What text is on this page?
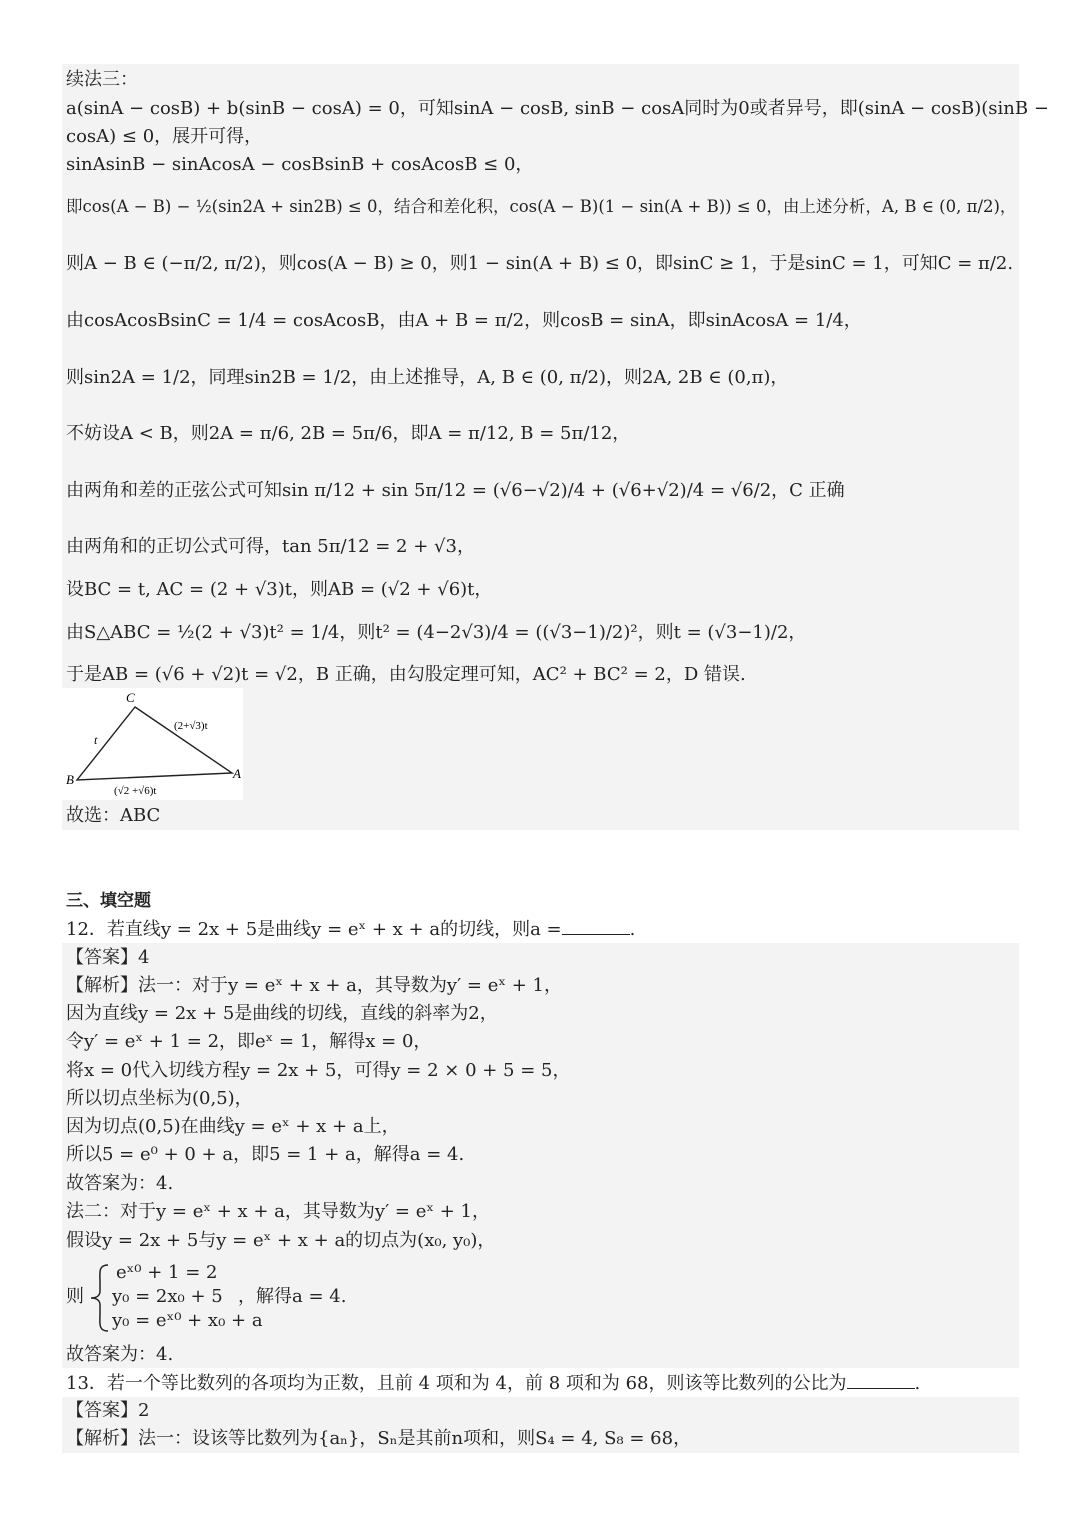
续法三：
a(sinA − cosB) + b(sinB − cosA) = 0，可知sinA − cosB, sinB − cosA同时为0或者异号，即(sinA − cosB)(sinB −
cosA) ≤ 0，展开可得，
sinAsinB − sinAcosA − cosBsinB + cosAcosB ≤ 0，
即cos(A − B) − ½(sin2A + sin2B) ≤ 0，结合和差化积，cos(A − B)(1 − sin(A + B)) ≤ 0，由上述分析，A, B ∈ (0, π/2)，
则A − B ∈ (−π/2, π/2)，则cos(A − B) ≥ 0，则1 − sin(A + B) ≤ 0，即sinC ≥ 1，于是sinC = 1，可知C = π/2.
由cosAcosBsinC = 1/4 = cosAcosB，由A + B = π/2，则cosB = sinA，即sinAcosA = 1/4，
则sin2A = 1/2，同理sin2B = 1/2，由上述推导，A, B ∈ (0, π/2)，则2A, 2B ∈ (0,π)，
不妨设A < B，则2A = π/6, 2B = 5π/6，即A = π/12, B = 5π/12，
由两角和差的正弦公式可知sin π/12 + sin 5π/12 = (√6−√2)/4 + (√6+√2)/4 = √6/2，C 正确
由两角和的正切公式可得，tan 5π/12 = 2 + √3，
设BC = t, AC = (2 + √3)t，则AB = (√2 + √6)t，
由S△ABC = ½(2 + √3)t² = 1/4，则t² = (4−2√3)/4 = ((√3−1)/2)²，则t = (√3−1)/2，
于是AB = (√6 + √2)t = √2，B 正确，由勾股定理可知，AC² + BC² = 2，D 错误.
C
B	A
t
(2+√3)t
(√2 +√6)t
故选：ABC
三、填空题
12．若直线y = 2x + 5是曲线y = eˣ + x + a的切线，则a =	.
【答案】4
【解析】法一：对于y = eˣ + x + a，其导数为y′ = eˣ + 1，
因为直线y = 2x + 5是曲线的切线，直线的斜率为2，
令y′ = eˣ + 1 = 2，即eˣ = 1，解得x = 0，
将x = 0代入切线方程y = 2x + 5，可得y = 2 × 0 + 5 = 5，
所以切点坐标为(0,5)，
因为切点(0,5)在曲线y = eˣ + x + a上，
所以5 = e⁰ + 0 + a，即5 = 1 + a，解得a = 4.
故答案为：4.
法二：对于y = eˣ + x + a，其导数为y′ = eˣ + 1，
假设y = 2x + 5与y = eˣ + x + a的切点为(x₀, y₀)，
则
eˣ⁰ + 1 = 2
y₀ = 2x₀ + 5
y₀ = eˣ⁰ + x₀ + a
，解得a = 4.
故答案为：4.
13．若一个等比数列的各项均为正数，且前 4 项和为 4，前 8 项和为 68，则该等比数列的公比为	.
【答案】2
【解析】法一：设该等比数列为{aₙ}，Sₙ是其前n项和，则S₄ = 4, S₈ = 68，
